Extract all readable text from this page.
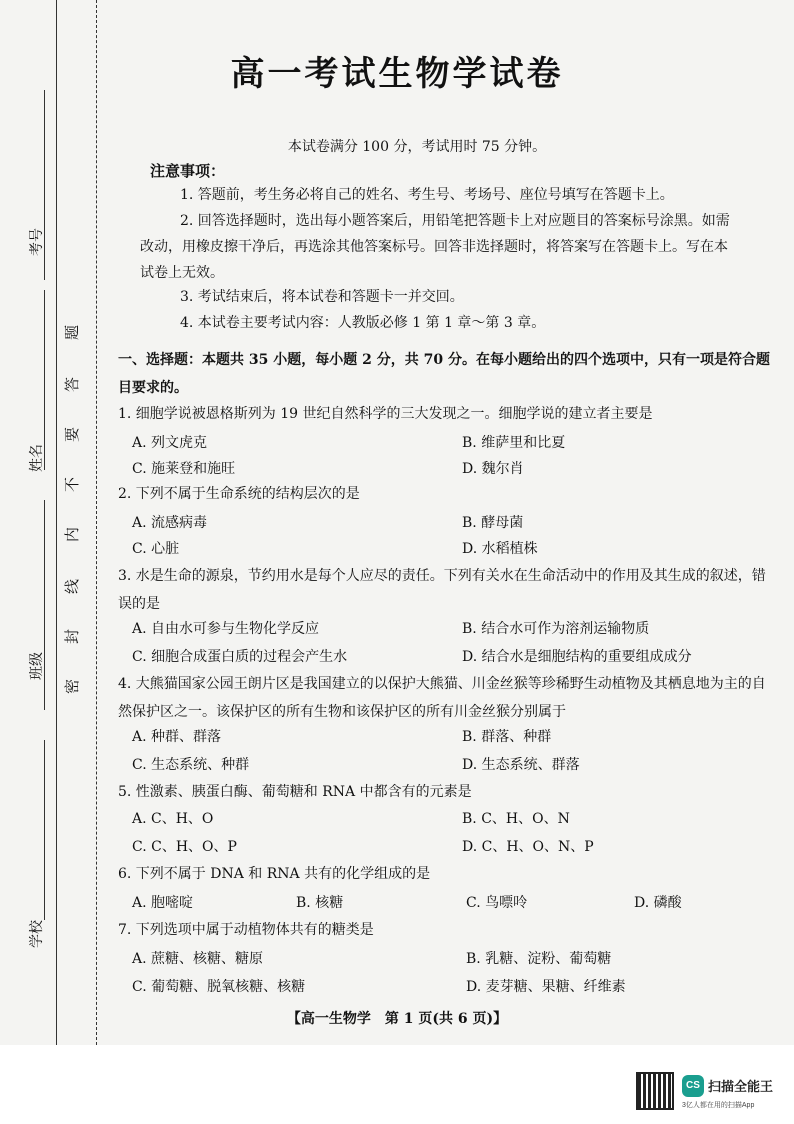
考号
姓名
班级
学校
题
答
要
不
内
线
封
密
高一考试生物学试卷
本试卷满分 100 分，考试用时 75 分钟。
注意事项：
1. 答题前，考生务必将自己的姓名、考生号、考场号、座位号填写在答题卡上。
2. 回答选择题时，选出每小题答案后，用铅笔把答题卡上对应题目的答案标号涂黑。如需改动，用橡皮擦干净后，再选涂其他答案标号。回答非选择题时，将答案写在答题卡上。写在本试卷上无效。
3. 考试结束后，将本试卷和答题卡一并交回。
4. 本试卷主要考试内容：人教版必修 1 第 1 章～第 3 章。
一、选择题：本题共 35 小题，每小题 2 分，共 70 分。在每小题给出的四个选项中，只有一项是符合题目要求的。
1. 细胞学说被恩格斯列为 19 世纪自然科学的三大发现之一。细胞学说的建立者主要是
A. 列文虎克	B. 维萨里和比夏
C. 施莱登和施旺	D. 魏尔肖
2. 下列不属于生命系统的结构层次的是
A. 流感病毒	B. 酵母菌
C. 心脏	D. 水稻植株
3. 水是生命的源泉，节约用水是每个人应尽的责任。下列有关水在生命活动中的作用及其生成的叙述，错误的是
A. 自由水可参与生物化学反应	B. 结合水可作为溶剂运输物质
C. 细胞合成蛋白质的过程会产生水	D. 结合水是细胞结构的重要组成成分
4. 大熊猫国家公园王朗片区是我国建立的以保护大熊猫、川金丝猴等珍稀野生动植物及其栖息地为主的自然保护区之一。该保护区的所有生物和该保护区的所有川金丝猴分别属于
A. 种群、群落	B. 群落、种群
C. 生态系统、种群	D. 生态系统、群落
5. 性激素、胰蛋白酶、葡萄糖和 RNA 中都含有的元素是
A. C、H、O	B. C、H、O、N
C. C、H、O、P	D. C、H、O、N、P
6. 下列不属于 DNA 和 RNA 共有的化学组成的是
A. 胞嘧啶	B. 核糖	C. 鸟嘌呤	D. 磷酸
7. 下列选项中属于动植物体共有的糖类是
A. 蔗糖、核糖、糖原	B. 乳糖、淀粉、葡萄糖
C. 葡萄糖、脱氧核糖、核糖	D. 麦芽糖、果糖、纤维素
【高一生物学　第 1 页(共 6 页)】
CS 扫描全能王
3亿人都在用的扫描App
